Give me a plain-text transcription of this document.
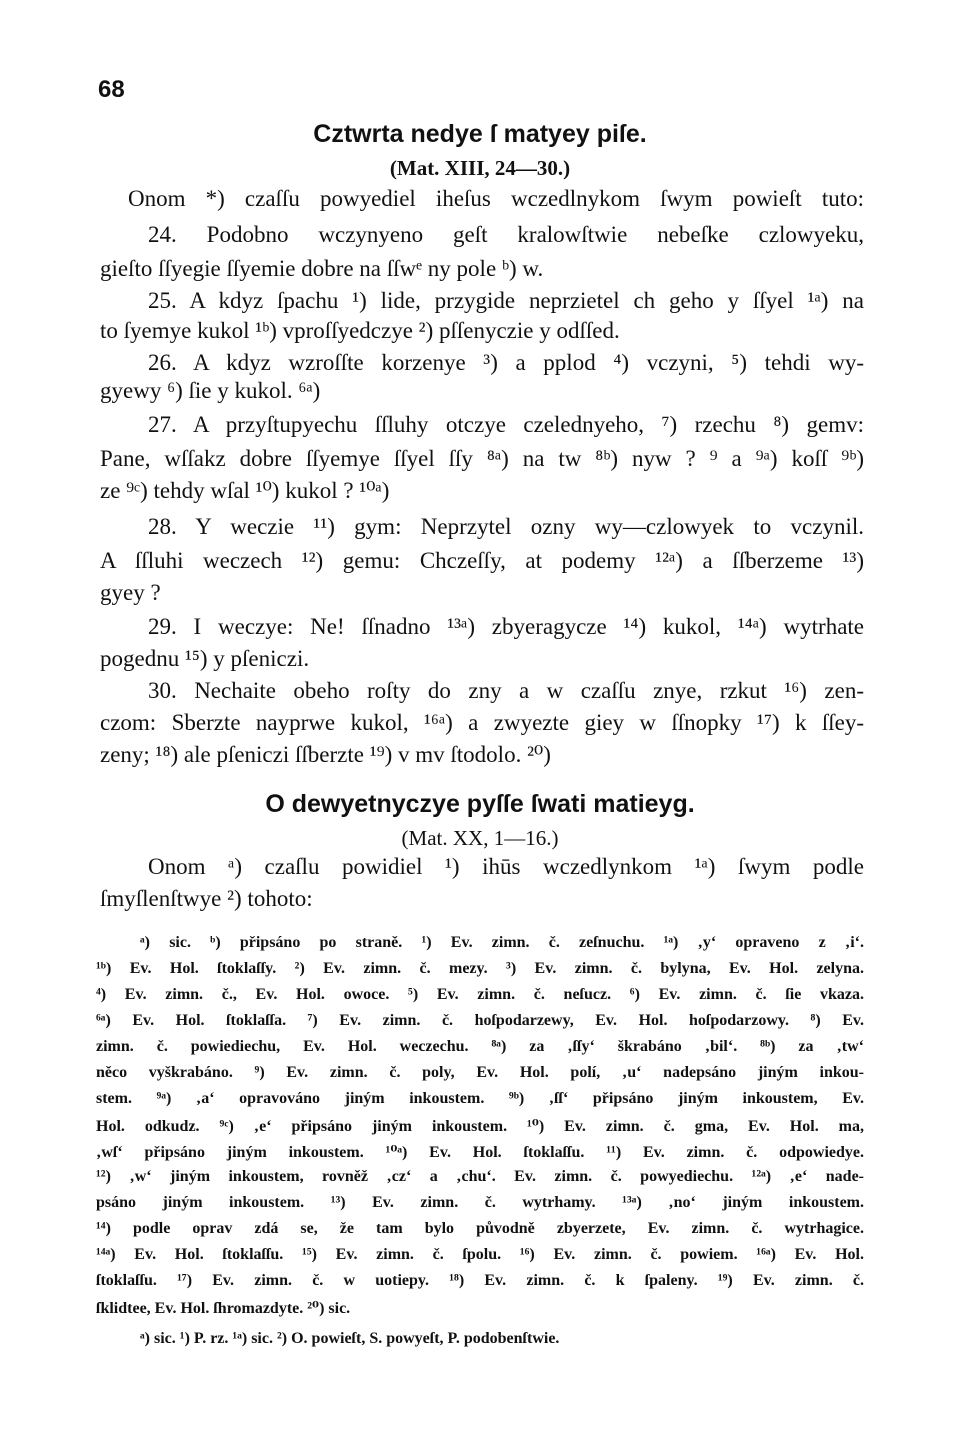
68
Cztwrta nedye ſ matyey piſe.
(Mat. XIII, 24—30.)
Onom *) czaſſu powyediel iheſus wczedlnykom ſwym powieſt tuto:
24. Podobno wczynyeno geſt kralowſtwie nebeſke czlowyeku,
gieſto ſſyegie ſſyemie dobre na ſſwᵉ ny pole ᵇ) w.
25. A kdyz ſpachu ¹) lide, przygide neprzietel ch geho y ſſyel ¹ᵃ) na
to ſyemye kukol ¹ᵇ) vproſſyedczye ²) pſſenyczie y odſſed.
26. A kdyz wzroſſte korzenye ³) a pplod ⁴) vczyni, ⁵) tehdi wy-
gyewy ⁶) ſie y kukol. ⁶ᵃ)
27. A przyſtupyechu ſſluhy otczye czelednyeho, ⁷) rzechu ⁸) gemv:
Pane, wſſakz dobre ſſyemye ſſyel ſſy ⁸ᵃ) na tw ⁸ᵇ) nyw ? ⁹ a ⁹ᵃ) koſſ ⁹ᵇ)
ze ⁹ᶜ) tehdy wſal ¹⁰) kukol ? ¹⁰ᵃ)
28. Y weczie ¹¹) gym: Neprzytel ozny wy—czlowyek to vczynil.
A ſſluhi weczech ¹²) gemu: Chczeſſy, at podemy ¹²ᵃ) a ſſberzeme ¹³)
gyey ?
29. I weczye: Ne! ſſnadno ¹³ᵃ) zbyeragycze ¹⁴) kukol, ¹⁴ᵃ) wytrhate
pogednu ¹⁵) y pſeniczi.
30. Nechaite obeho roſty do zny a w czaſſu znye, rzkut ¹⁶) zen-
czom: Sberzte nayprwe kukol, ¹⁶ᵃ) a zwyezte giey w ſſnopky ¹⁷) k ſſey-
zeny; ¹⁸) ale pſeniczi ſſberzte ¹⁹) v mv ſtodolo. ²⁰)
O dewyetnyczye pyſſe ſwati matieyg.
(Mat. XX, 1—16.)
Onom ᵃ) czaſlu powidiel ¹) ihūs wczedlynkom ¹ᵃ) ſwym podle
ſmyſlenſtwye ²) tohoto:
ᵃ) sic. ᵇ) připsáno po straně. ¹) Ev. zimn. č. zeſnuchu. ¹ᵃ) ‚y‘ opraveno z ‚i‘.
¹ᵇ) Ev. Hol. ſtoklaſſy. ²) Ev. zimn. č. mezy. ³) Ev. zimn. č. bylyna, Ev. Hol. zelyna.
⁴) Ev. zimn. č., Ev. Hol. owoce. ⁵) Ev. zimn. č. neſucz. ⁶) Ev. zimn. č. ſie vkaza.
⁶ᵃ) Ev. Hol. ſtoklaſſa. ⁷) Ev. zimn. č. hoſpodarzewy, Ev. Hol. hoſpodarzowy. ⁸) Ev.
zimn. č. powiediechu, Ev. Hol. weczechu. ⁸ᵃ) za ‚ſſy‘ škrabáno ‚bil‘. ⁸ᵇ) za ‚tw‘
něco vyškrabáno. ⁹) Ev. zimn. č. poly, Ev. Hol. polí, ‚u‘ nadepsáno jiným inkou-
stem. ⁹ᵃ) ‚a‘ opravováno jiným inkoustem. ⁹ᵇ) ‚ſſ‘ připsáno jiným inkoustem, Ev.
Hol. odkudz. ⁹ᶜ) ‚e‘ připsáno jiným inkoustem. ¹⁰) Ev. zimn. č. gma, Ev. Hol. ma,
‚wſ‘ připsáno jiným inkoustem. ¹⁰ᵃ) Ev. Hol. ſtoklaſſu. ¹¹) Ev. zimn. č. odpowiedye.
¹²) ‚w‘ jiným inkoustem, rovněž ‚cz‘ a ‚chu‘. Ev. zimn. č. powyediechu. ¹²ᵃ) ‚e‘ nade-
psáno jiným inkoustem. ¹³) Ev. zimn. č. wytrhamy. ¹³ᵃ) ‚no‘ jiným inkoustem.
¹⁴) podle oprav zdá se, že tam bylo původně zbyerzete, Ev. zimn. č. wytrhagice.
¹⁴ᵃ) Ev. Hol. ſtoklaſſu. ¹⁵) Ev. zimn. č. ſpolu. ¹⁶) Ev. zimn. č. powiem. ¹⁶ᵃ) Ev. Hol.
ſtoklaſſu. ¹⁷) Ev. zimn. č. w uotiepy. ¹⁸) Ev. zimn. č. k ſpaleny. ¹⁹) Ev. zimn. č.
ſklidtee, Ev. Hol. ſhromazdyte. ²⁰) sic.
ᵃ) sic. ¹) P. rz. ¹ᵃ) sic. ²) O. powieſt, S. powyeſt, P. podobenſtwie.
